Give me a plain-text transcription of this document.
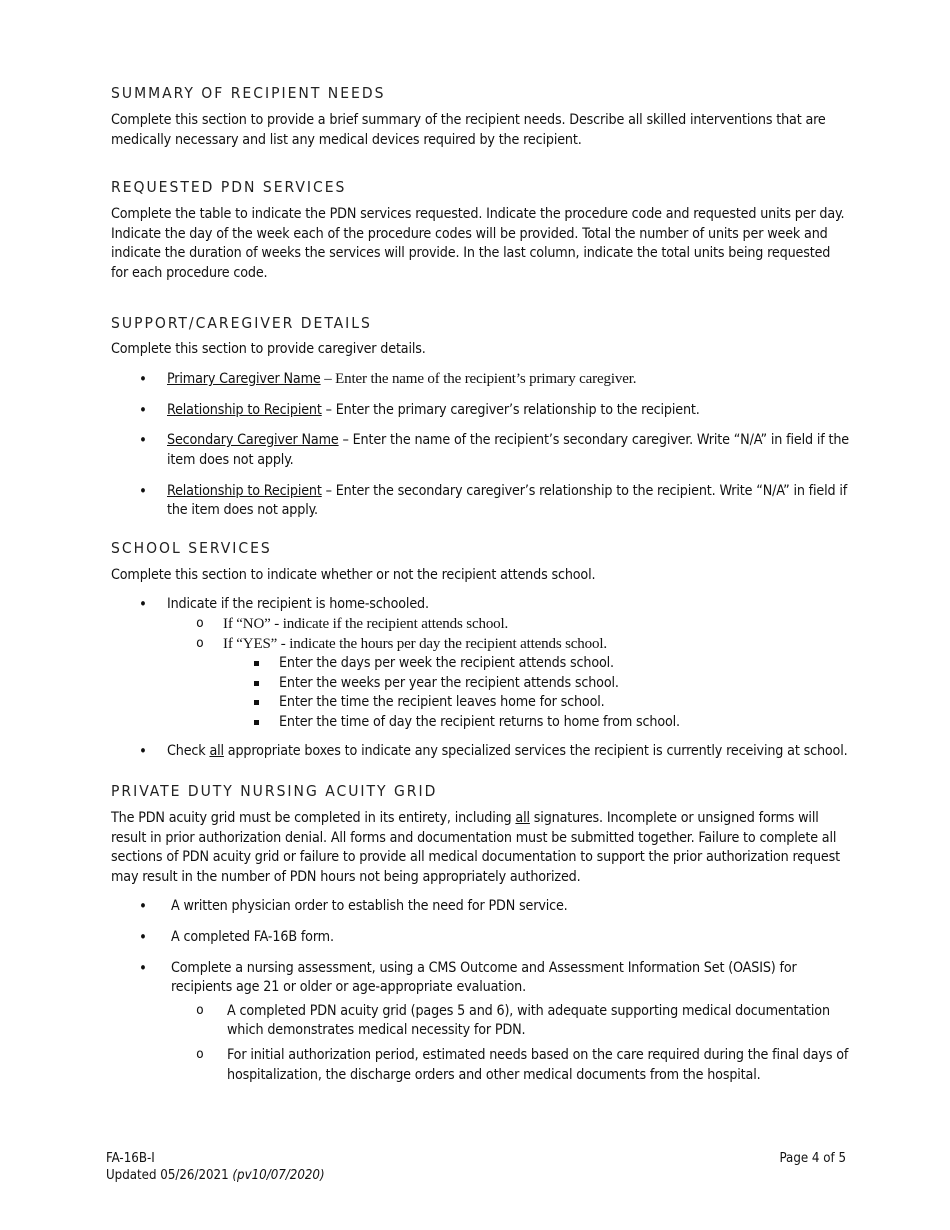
SUMMARY OF RECIPIENT NEEDS

Complete this section to provide a brief summary of the recipient needs. Describe all skilled interventions that are medically necessary and list any medical devices required by the recipient.

REQUESTED PDN SERVICES

Complete the table to indicate the PDN services requested. Indicate the procedure code and requested units per day. Indicate the day of the week each of the procedure codes will be provided. Total the number of units per week and indicate the duration of weeks the services will provide. In the last column, indicate the total units being requested for each procedure code.

SUPPORT/CAREGIVER DETAILS

Complete this section to provide caregiver details.

• Primary Caregiver Name – Enter the name of the recipient’s primary caregiver.
• Relationship to Recipient – Enter the primary caregiver’s relationship to the recipient.
• Secondary Caregiver Name – Enter the name of the recipient’s secondary caregiver. Write “N/A” in field if the item does not apply.
• Relationship to Recipient – Enter the secondary caregiver’s relationship to the recipient. Write “N/A” in field if the item does not apply.
SCHOOL SERVICES

Complete this section to indicate whether or not the recipient attends school.

• Indicate if the recipient is home-schooled.
o If “NO” - indicate if the recipient attends school.
o If “YES” - indicate the hours per day the recipient attends school.
Enter the days per week the recipient attends school.
Enter the weeks per year the recipient attends school.
Enter the time the recipient leaves home for school.
Enter the time of day the recipient returns to home from school.
• Check all appropriate boxes to indicate any specialized services the recipient is currently receiving at school.
PRIVATE DUTY NURSING ACUITY GRID

The PDN acuity grid must be completed in its entirety, including all signatures. Incomplete or unsigned forms will result in prior authorization denial. All forms and documentation must be submitted together. Failure to complete all sections of PDN acuity grid or failure to provide all medical documentation to support the prior authorization request may result in the number of PDN hours not being appropriately authorized.

• A written physician order to establish the need for PDN service.
• A completed FA-16B form.
• Complete a nursing assessment, using a CMS Outcome and Assessment Information Set (OASIS) for recipients age 21 or older or age-appropriate evaluation.
o A completed PDN acuity grid (pages 5 and 6), with adequate supporting medical documentation which demonstrates medical necessity for PDN.
o For initial authorization period, estimated needs based on the care required during the final days of hospitalization, the discharge orders and other medical documents from the hospital.
FA-16B-I
Updated 05/26/2021 (pv10/07/2020)
Page 4 of 5
